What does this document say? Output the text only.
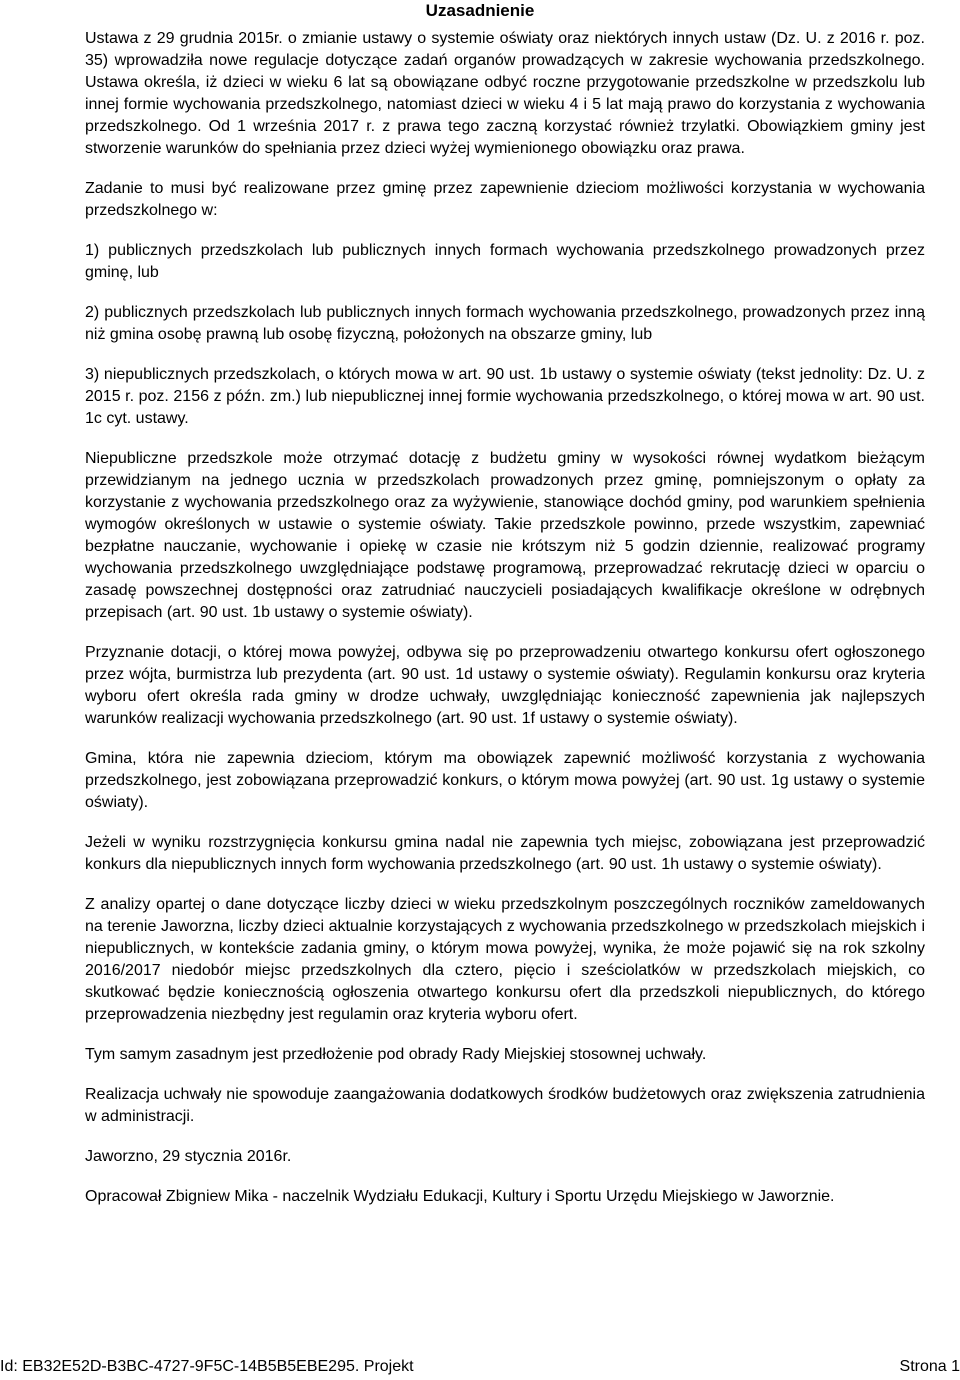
Uzasadnienie

Ustawa z 29 grudnia 2015r. o zmianie ustawy o systemie oświaty oraz niektórych innych ustaw (Dz. U. z 2016 r. poz. 35) wprowadziła nowe regulacje dotyczące zadań organów prowadzących w zakresie wychowania przedszkolnego. Ustawa określa, iż dzieci w wieku 6 lat są obowiązane odbyć roczne przygotowanie przedszkolne w przedszkolu lub innej formie wychowania przedszkolnego, natomiast dzieci w wieku 4 i 5 lat mają prawo do korzystania z wychowania przedszkolnego. Od 1 września 2017 r. z prawa tego zaczną korzystać również trzylatki. Obowiązkiem gminy jest stworzenie warunków do spełniania przez dzieci wyżej wymienionego obowiązku oraz prawa.

Zadanie to musi być realizowane przez gminę przez zapewnienie dzieciom możliwości korzystania w wychowania przedszkolnego w:

1) publicznych przedszkolach lub publicznych innych formach wychowania przedszkolnego prowadzonych przez gminę, lub

2) publicznych przedszkolach lub publicznych innych formach wychowania przedszkolnego, prowadzonych przez inną niż gmina osobę prawną lub osobę fizyczną, położonych na obszarze gminy, lub

3) niepublicznych przedszkolach, o których mowa w art. 90 ust. 1b ustawy o systemie oświaty (tekst jednolity: Dz. U. z 2015 r. poz. 2156 z późn. zm.) lub niepublicznej innej formie wychowania przedszkolnego, o której mowa w art. 90 ust. 1c cyt. ustawy.

Niepubliczne przedszkole może otrzymać dotację z budżetu gminy w wysokości równej wydatkom bieżącym przewidzianym na jednego ucznia w przedszkolach prowadzonych przez gminę, pomniejszonym o opłaty za korzystanie z wychowania przedszkolnego oraz za wyżywienie, stanowiące dochód gminy, pod warunkiem spełnienia wymogów określonych w ustawie o systemie oświaty. Takie przedszkole powinno, przede wszystkim, zapewniać bezpłatne nauczanie, wychowanie i opiekę w czasie nie krótszym niż 5 godzin dziennie, realizować programy wychowania przedszkolnego uwzględniające podstawę programową, przeprowadzać rekrutację dzieci w oparciu o zasadę powszechnej dostępności oraz zatrudniać nauczycieli posiadających kwalifikacje określone w odrębnych przepisach (art. 90 ust. 1b ustawy o systemie oświaty).

Przyznanie dotacji, o której mowa powyżej, odbywa się po przeprowadzeniu otwartego konkursu ofert ogłoszonego przez wójta, burmistrza lub prezydenta (art. 90 ust. 1d ustawy o systemie oświaty). Regulamin konkursu oraz kryteria wyboru ofert określa rada gminy w drodze uchwały, uwzględniając konieczność zapewnienia jak najlepszych warunków realizacji wychowania przedszkolnego (art. 90 ust. 1f ustawy o systemie oświaty).

Gmina, która nie zapewnia dzieciom, którym ma obowiązek zapewnić możliwość korzystania z wychowania przedszkolnego, jest zobowiązana przeprowadzić konkurs, o którym mowa powyżej (art. 90 ust. 1g ustawy o systemie oświaty).

Jeżeli w wyniku rozstrzygnięcia konkursu gmina nadal nie zapewnia tych miejsc, zobowiązana jest przeprowadzić konkurs dla niepublicznych innych form wychowania przedszkolnego (art. 90 ust. 1h ustawy o systemie oświaty).

Z analizy opartej o dane dotyczące liczby dzieci w wieku przedszkolnym poszczególnych roczników zameldowanych na terenie Jaworzna, liczby dzieci aktualnie korzystających z wychowania przedszkolnego w przedszkolach miejskich i niepublicznych, w kontekście zadania gminy, o którym mowa powyżej, wynika, że może pojawić się na rok szkolny 2016/2017 niedobór miejsc przedszkolnych dla cztero, pięcio i sześciolatków w przedszkolach miejskich, co skutkować będzie koniecznością ogłoszenia otwartego konkursu ofert dla przedszkoli niepublicznych, do którego przeprowadzenia niezbędny jest regulamin oraz kryteria wyboru ofert.

Tym samym zasadnym jest przedłożenie pod obrady Rady Miejskiej stosownej uchwały.

Realizacja uchwały nie spowoduje zaangażowania dodatkowych środków budżetowych oraz zwiększenia zatrudnienia w administracji.

Jaworzno, 29 stycznia 2016r.

Opracował Zbigniew Mika - naczelnik Wydziału Edukacji, Kultury i Sportu Urzędu Miejskiego w Jaworznie.

Id: EB32E52D-B3BC-4727-9F5C-14B5B5EBE295. Projekt	Strona 1
